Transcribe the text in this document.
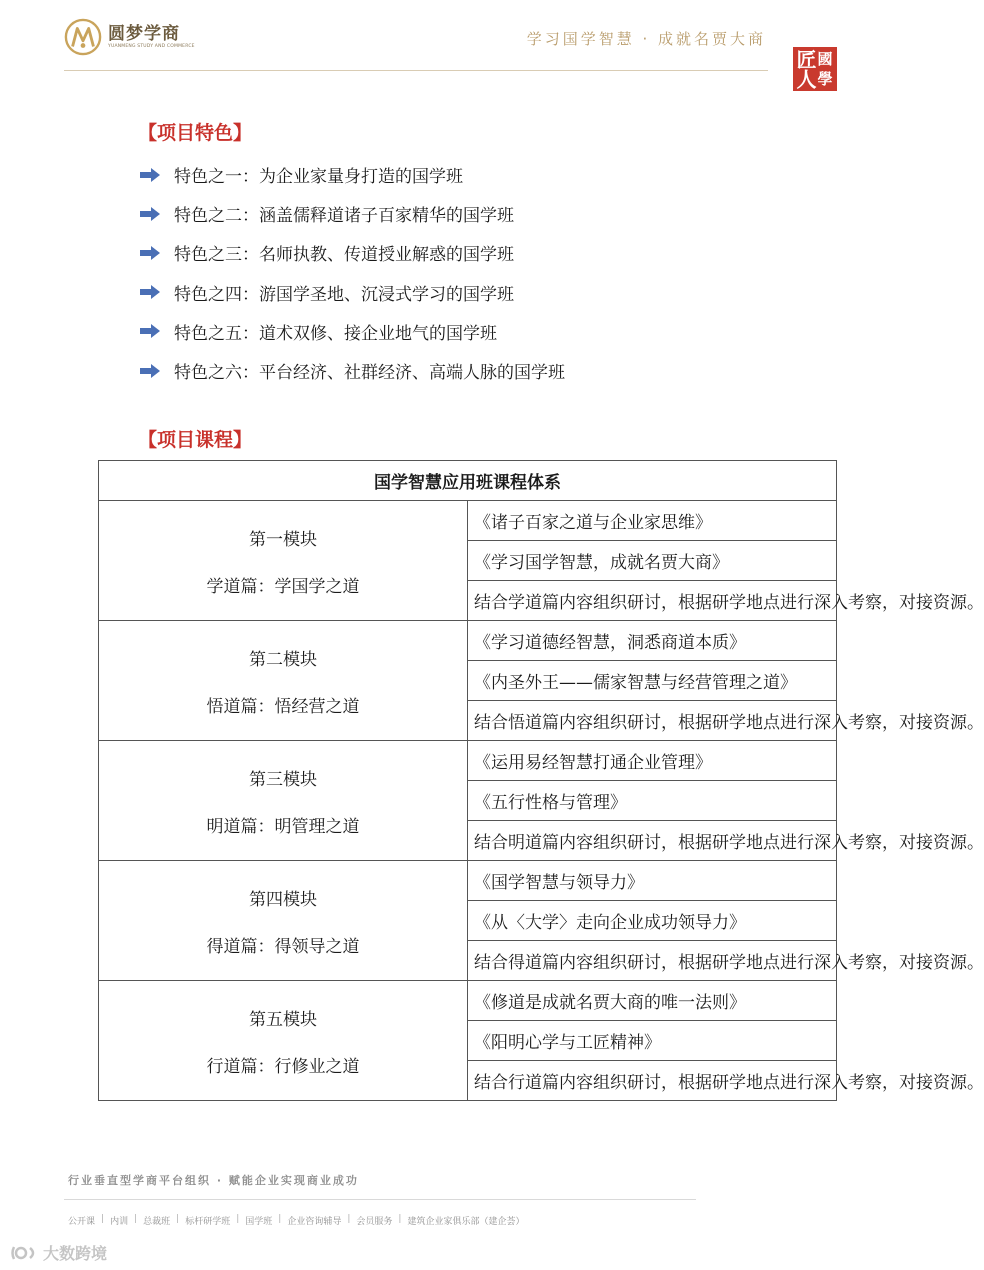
圆梦学商
YUANMENG STUDY AND COMMERCE	学习国学智慧 · 成就名贾大商
國
學
匠人
【项目特色】
特色之一：为企业家量身打造的国学班
特色之二：涵盖儒释道诸子百家精华的国学班
特色之三：名师执教、传道授业解惑的国学班
特色之四：游国学圣地、沉浸式学习的国学班
特色之五：道术双修、接企业地气的国学班
特色之六：平台经济、社群经济、高端人脉的国学班
【项目课程】
国学智慧应用班课程体系	

第一模块
学道篇：学国学之道	《诸子百家之道与企业家思维》
	《学习国学智慧，成就名贾大商》
	结合学道篇内容组织研讨，根据研学地点进行深入考察，对接资源。

第二模块
悟道篇：悟经营之道	《学习道德经智慧，洞悉商道本质》
	《内圣外王——儒家智慧与经营管理之道》
	结合悟道篇内容组织研讨，根据研学地点进行深入考察，对接资源。

第三模块
明道篇：明管理之道	《运用易经智慧打通企业管理》
	《五行性格与管理》
	结合明道篇内容组织研讨，根据研学地点进行深入考察，对接资源。

第四模块
得道篇：得领导之道	《国学智慧与领导力》
	《从〈大学〉走向企业成功领导力》
	结合得道篇内容组织研讨，根据研学地点进行深入考察，对接资源。

第五模块
行道篇：行修业之道	《修道是成就名贾大商的唯一法则》
	《阳明心学与工匠精神》
	结合行道篇内容组织研讨，根据研学地点进行深入考察，对接资源。
行业垂直型学商平台组织 · 赋能企业实现商业成功
公开课 | 内训 | 总裁班 | 标杆研学班 | 国学班 | 企业咨询辅导 | 会员服务 | 建筑企业家俱乐部（建企荟）
大数跨境
